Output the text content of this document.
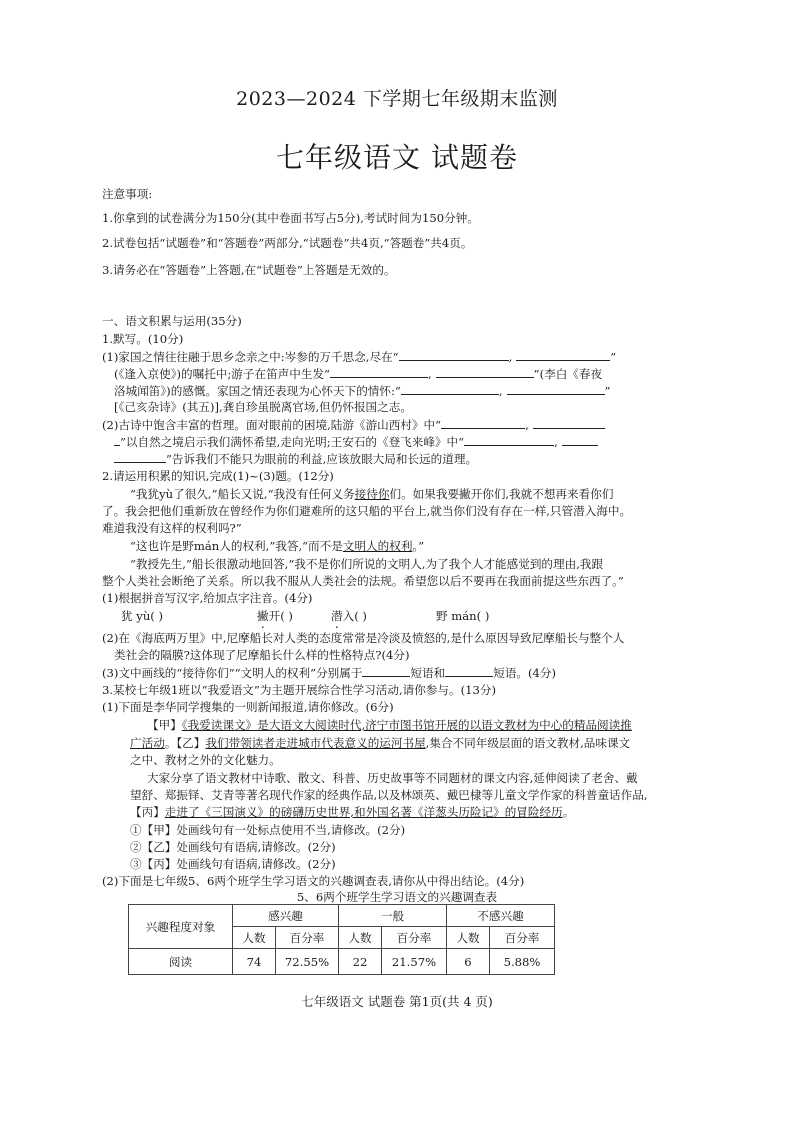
2023—2024 下学期七年级期末监测
七年级语文 试题卷
注意事项:
1.你拿到的试卷满分为150分(其中卷面书写占5分),考试时间为150分钟。
2.试卷包括“试题卷”和“答题卷”两部分,“试题卷”共4页,“答题卷”共4页。
3.请务必在“答题卷”上答题,在“试题卷”上答题是无效的。
一、语文积累与运用(35分)
1.默写。(10分)
(1)家国之情往往融于思乡念亲之中:岑参的万千思念,尽在“	,	”
(《逢入京使》)的嘱托中;游子在笛声中生发“	,	”(李白《春夜
洛城闻笛》)的感慨。家国之情还表现为心怀天下的情怀:“	,	”
[《己亥杂诗》(其五)],龚自珍虽脱离官场,但仍怀报国之志。
(2)古诗中饱含丰富的哲理。面对眼前的困境,陆游《游山西村》中“	,
”以自然之境启示我们满怀希望,走向光明;王安石的《登飞来峰》中“	,
”告诉我们不能只为眼前的利益,应该放眼大局和长远的道理。
2.请运用积累的知识,完成(1)~(3)题。(12分)
“我犹yù了很久,”船长又说,“我没有任何义务接待你们。如果我要撇开你们,我就不想再来看你们
了。我会把他们重新放在曾经作为你们避难所的这只船的平台上,就当你们没有存在一样,只管潜入海中。
难道我没有这样的权利吗?”
“这也许是野mán人的权利,”我答,“而不是文明人的权利。”
“教授先生,”船长很激动地回答,“我不是你们所说的文明人,为了我个人才能感觉到的理由,我跟
整个人类社会断绝了关系。所以我不服从人类社会的法规。希望您以后不要再在我面前提这些东西了。”
(1)根据拼音写汉字,给加点字注音。(4分)
犹 yù( )	撇开( )	潜入( )	野 mán( )
(2)在《海底两万里》中,尼摩船长对人类的态度常常是冷淡及愤怒的,是什么原因导致尼摩船长与整个人
类社会的隔膜?这体现了尼摩船长什么样的性格特点?(4分)
(3)文中画线的“接待你们”“文明人的权利”分别属于	短语和	短语。(4分)
3.某校七年级1班以“我爱语文”为主题开展综合性学习活动,请你参与。(13分)
(1)下面是李华同学搜集的一则新闻报道,请你修改。(6分)
【甲】《我爱读课文》是大语文大阅读时代,济宁市图书馆开展的以语文教材为中心的精品阅读推
广活动。【乙】我们带领读者走进城市代表意义的运河书屋,集合不同年级层面的语文教材,品味课文
之中、教材之外的文化魅力。
大家分享了语文教材中诗歌、散文、科普、历史故事等不同题材的课文内容,延伸阅读了老舍、戴
望舒、郑振铎、艾青等著名现代作家的经典作品,以及林颂英、戴巴棣等儿童文学作家的科普童话作品,
【丙】走进了《三国演义》的磅礴历史世界,和外国名著《洋葱头历险记》的冒险经历。
①【甲】处画线句有一处标点使用不当,请修改。(2分)
②【乙】处画线句有语病,请修改。(2分)
③【丙】处画线句有语病,请修改。(2分)
(2)下面是七年级5、6两个班学生学习语文的兴趣调查表,请你从中得出结论。(4分)
5、6两个班学生学习语文的兴趣调查表
兴趣程度对象	感兴趣		一般		不感兴趣	
	人数	百分率	人数	百分率	人数	百分率
阅读	74	72.55%	22	21.57%	6	5.88%
七年级语文 试题卷 第1页(共 4 页)
